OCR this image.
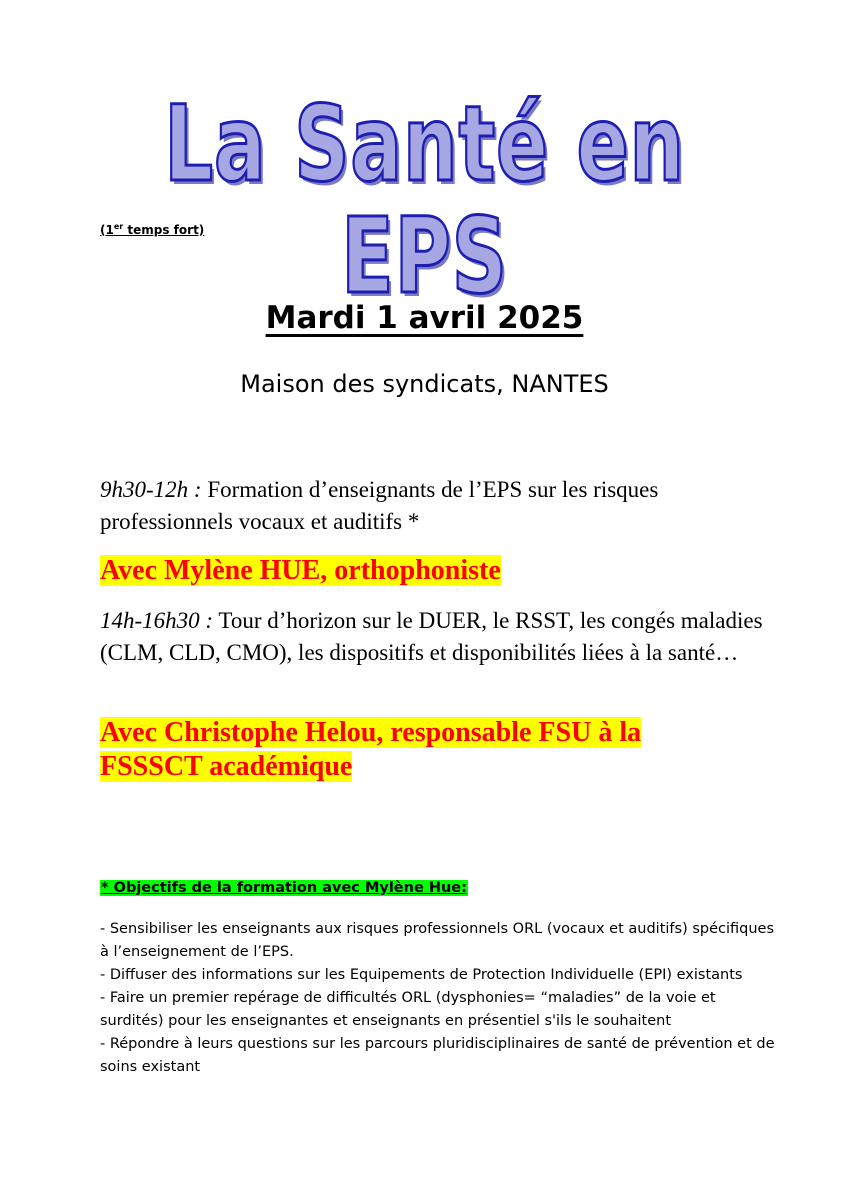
La Santé en EPS
(1er temps fort)
Mardi 1 avril 2025
Maison des syndicats, NANTES
9h30-12h : Formation d’enseignants de l’EPS sur les risques professionnels vocaux et auditifs *
Avec Mylène HUE, orthophoniste
14h-16h30 : Tour d’horizon sur le DUER, le RSST, les congés maladies (CLM, CLD, CMO), les dispositifs et disponibilités liées à la santé…
Avec Christophe Helou, responsable FSU à la
FSSSCT académique
* Objectifs de la formation avec Mylène Hue:
- Sensibiliser les enseignants aux risques professionnels ORL (vocaux et auditifs) spécifiques à l’enseignement de l’EPS.
- Diffuser des informations sur les Equipements de Protection Individuelle (EPI) existants
- Faire un premier repérage de difficultés ORL (dysphonies= “maladies” de la voie et surdités) pour les enseignantes et enseignants en présentiel s'ils le souhaitent
- Répondre à leurs questions sur les parcours pluridisciplinaires de santé de prévention et de soins existant
